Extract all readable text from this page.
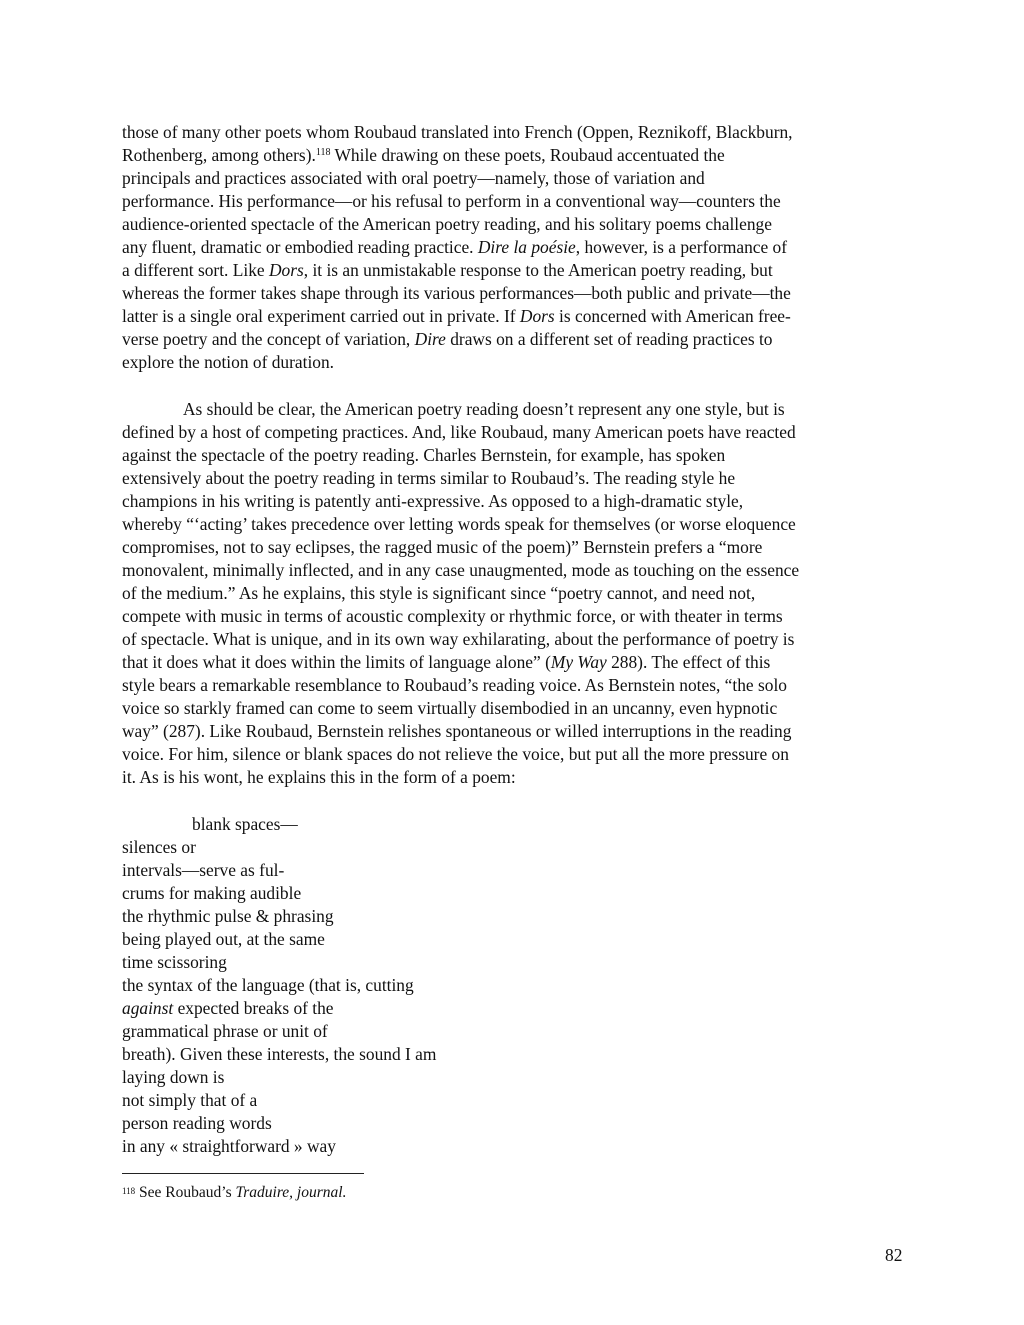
those of many other poets whom Roubaud translated into French (Oppen, Reznikoff, Blackburn,
Rothenberg, among others).$^{118}$ While drawing on these poets, Roubaud accentuated the
principals and practices associated with oral poetry—namely, those of variation and
performance. His performance—or his refusal to perform in a conventional way—counters the
audience-oriented spectacle of the American poetry reading, and his solitary poems challenge
any fluent, dramatic or embodied reading practice. Dire la poésie, however, is a performance of
a different sort. Like Dors, it is an unmistakable response to the American poetry reading, but
whereas the former takes shape through its various performances—both public and private—the
latter is a single oral experiment carried out in private. If Dors is concerned with American free-
verse poetry and the concept of variation, Dire draws on a different set of reading practices to
explore the notion of duration.
As should be clear, the American poetry reading doesn’t represent any one style, but is
defined by a host of competing practices. And, like Roubaud, many American poets have reacted
against the spectacle of the poetry reading. Charles Bernstein, for example, has spoken
extensively about the poetry reading in terms similar to Roubaud’s. The reading style he
champions in his writing is patently anti-expressive. As opposed to a high-dramatic style,
whereby “‘acting’ takes precedence over letting words speak for themselves (or worse eloquence
compromises, not to say eclipses, the ragged music of the poem)” Bernstein prefers a “more
monovalent, minimally inflected, and in any case unaugmented, mode as touching on the essence
of the medium.” As he explains, this style is significant since “poetry cannot, and need not,
compete with music in terms of acoustic complexity or rhythmic force, or with theater in terms
of spectacle. What is unique, and in its own way exhilarating, about the performance of poetry is
that it does what it does within the limits of language alone” (My Way 288). The effect of this
style bears a remarkable resemblance to Roubaud’s reading voice. As Bernstein notes, “the solo
voice so starkly framed can come to seem virtually disembodied in an uncanny, even hypnotic
way” (287). Like Roubaud, Bernstein relishes spontaneous or willed interruptions in the reading
voice. For him, silence or blank spaces do not relieve the voice, but put all the more pressure on
it. As is his wont, he explains this in the form of a poem:
blank spaces—
silences or
intervals—serve as ful-
crums for making audible
the rhythmic pulse & phrasing
being played out, at the same
time scissoring
the syntax of the language (that is, cutting
against expected breaks of the
grammatical phrase or unit of
breath). Given these interests, the sound I am
laying down is
not simply that of a
person reading words
in any « straightforward » way
$^{118}$ See Roubaud’s Traduire, journal.
82
